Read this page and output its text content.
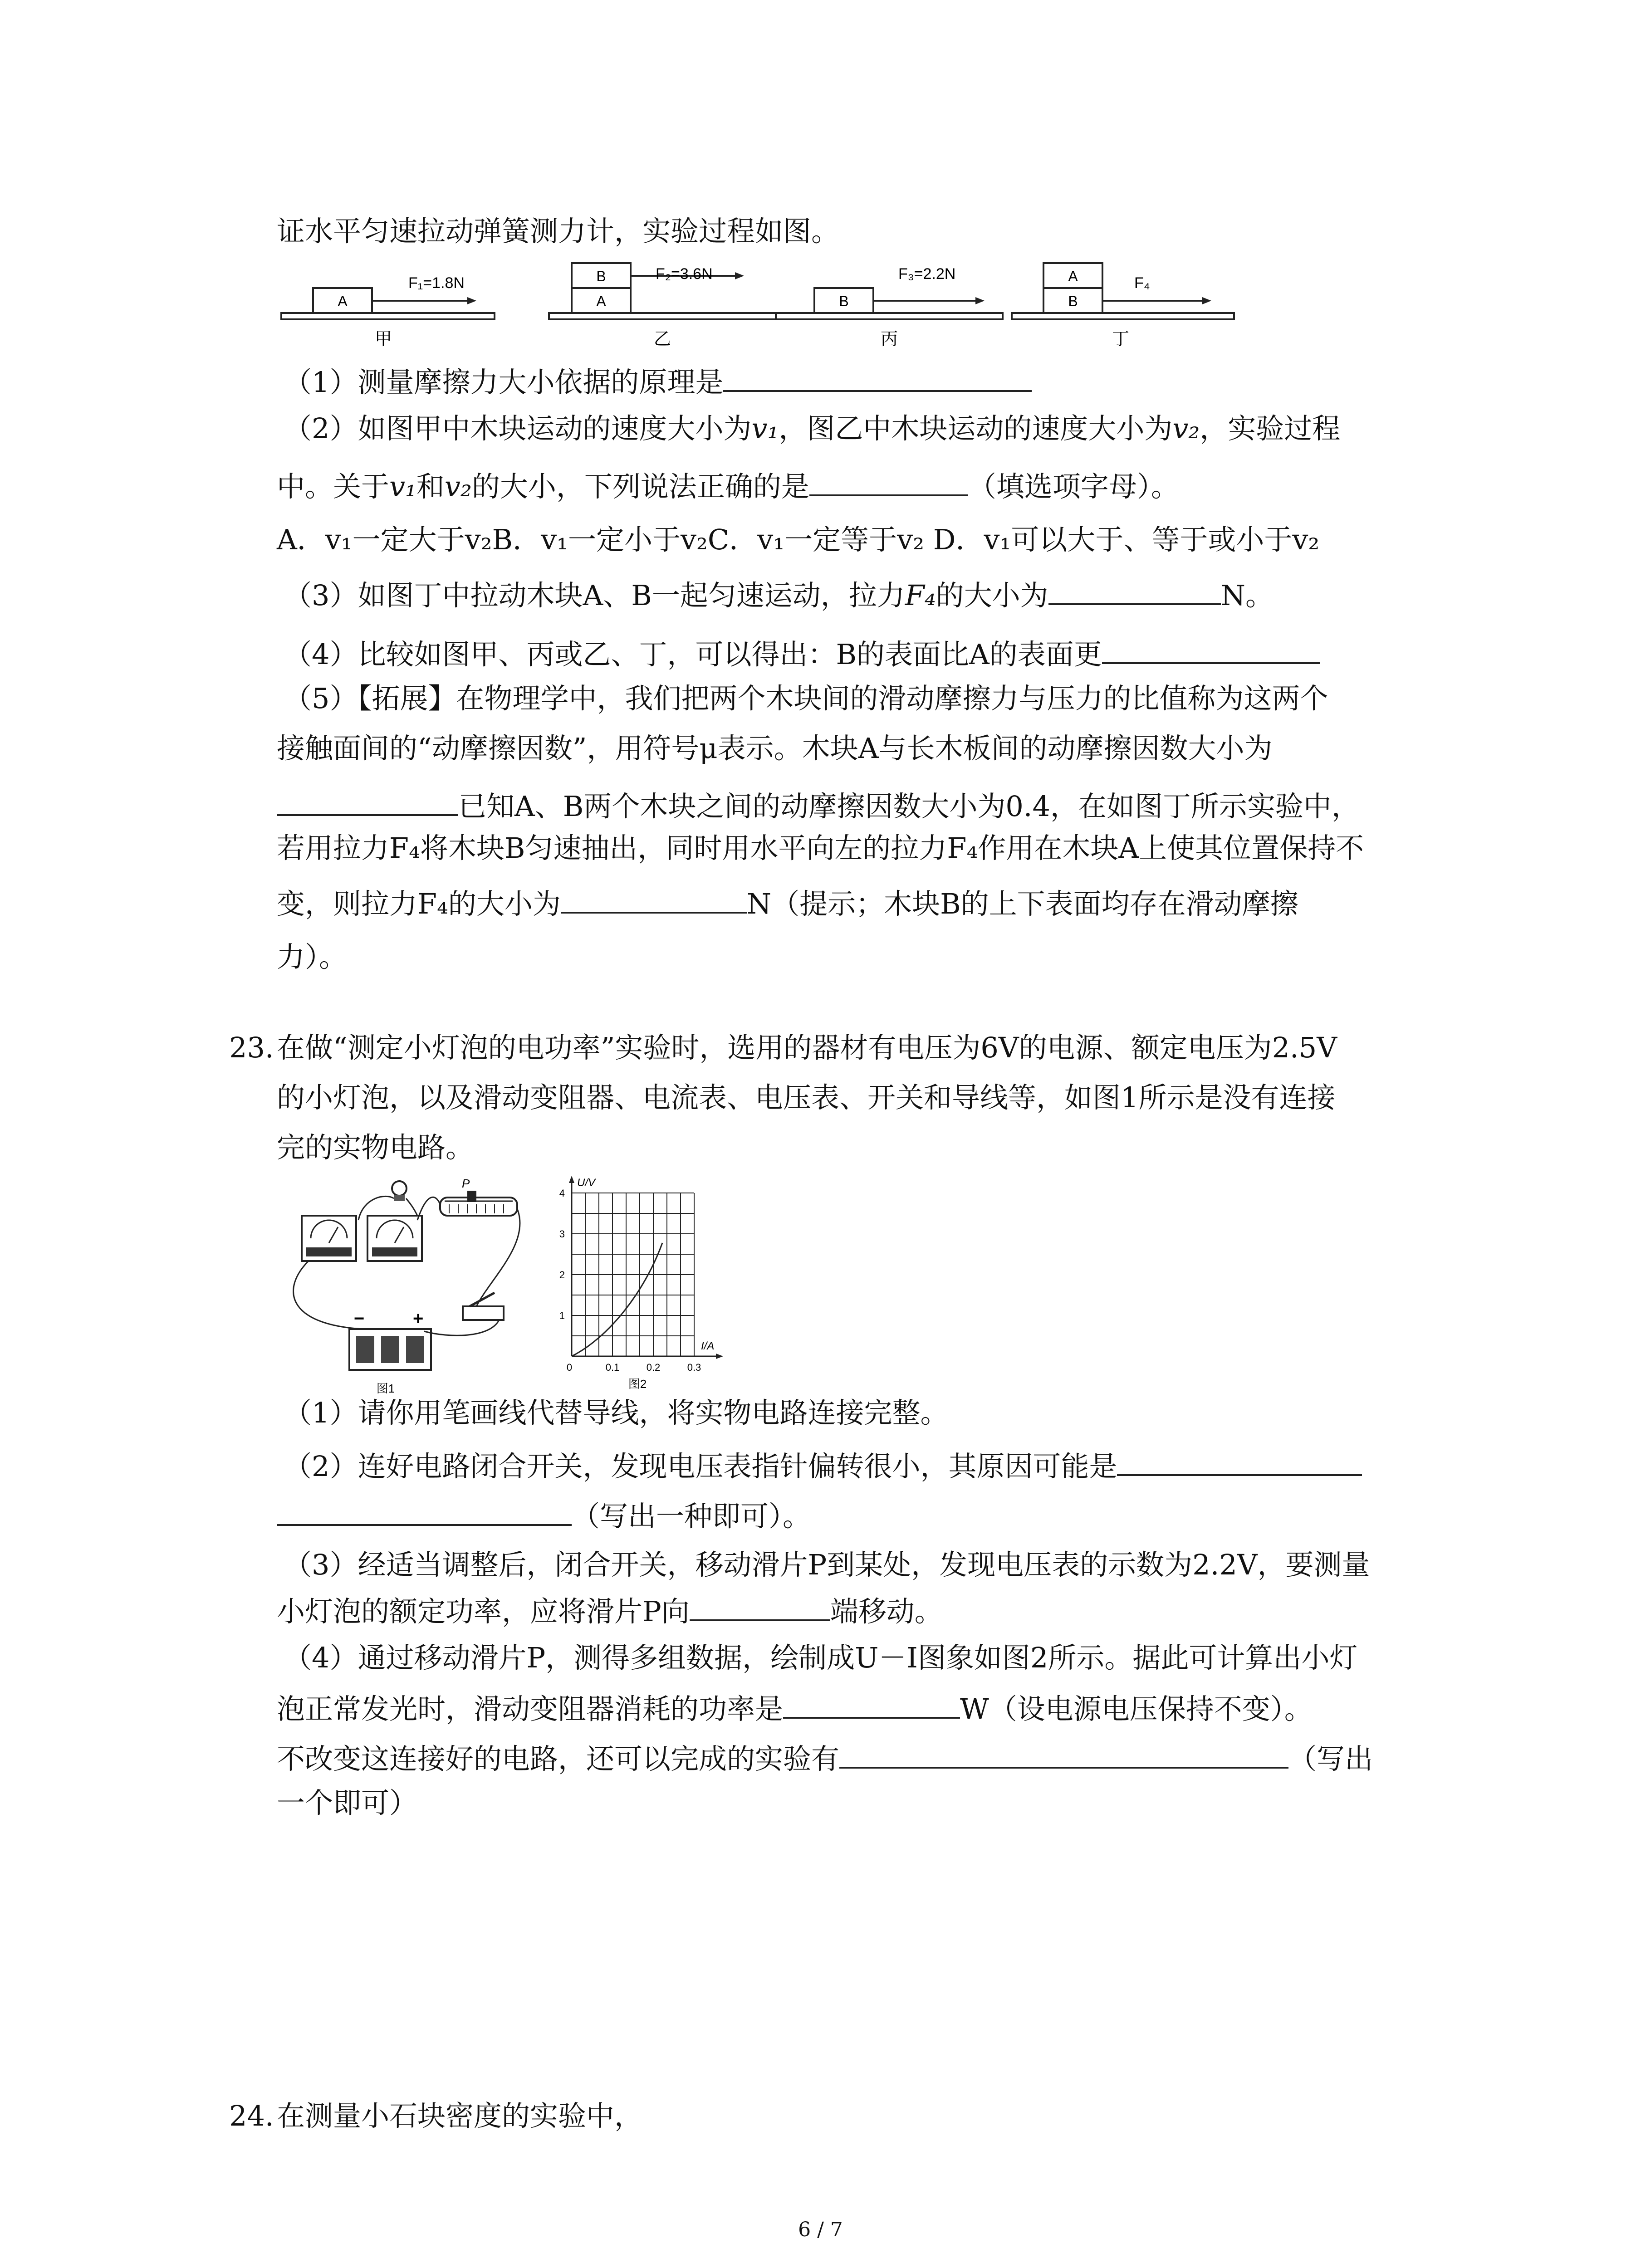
证水平匀速拉动弹簧测力计，实验过程如图。
A
F₁=1.8N
甲
B
A
F₂=3.6N
乙
B
F₃=2.2N
丙
A
B
F₄
丁
（1）测量摩擦力大小依据的原理是
（2）如图甲中木块运动的速度大小为v₁，图乙中木块运动的速度大小为v₂，实验过程
中。关于v₁和v₂的大小，下列说法正确的是	（填选项字母）。
A．v₁一定大于v₂B．v₁一定小于v₂C．v₁一定等于v₂ D．v₁可以大于、等于或小于v₂
（3）如图丁中拉动木块A、B一起匀速运动，拉力F₄的大小为	N。
（4）比较如图甲、丙或乙、丁，可以得出：B的表面比A的表面更
（5）【拓展】在物理学中，我们把两个木块间的滑动摩擦力与压力的比值称为这两个
接触面间的“动摩擦因数”，用符号μ表示。木块A与长木板间的动摩擦因数大小为
已知A、B两个木块之间的动摩擦因数大小为0.4，在如图丁所示实验中，
若用拉力F₄将木块B匀速抽出，同时用水平向左的拉力F₄作用在木块A上使其位置保持不
变，则拉力F₄的大小为	N（提示；木块B的上下表面均存在滑动摩擦
力）。
23. 在做“测定小灯泡的电功率”实验时，选用的器材有电压为6V的电源、额定电压为2.5V
的小灯泡，以及滑动变阻器、电流表、电压表、开关和导线等，如图1所示是没有连接
完的实物电路。
P
−	+
图1
U/V
I/A
1
2
3
4
0	0.1	0.2	0.3
图2
（1）请你用笔画线代替导线，将实物电路连接完整。
（2）连好电路闭合开关，发现电压表指针偏转很小，其原因可能是
（写出一种即可）。
（3）经适当调整后，闭合开关，移动滑片P到某处，发现电压表的示数为2.2V，要测量
小灯泡的额定功率，应将滑片P向	端移动。
（4）通过移动滑片P，测得多组数据，绘制成U－I图象如图2所示。据此可计算出小灯
泡正常发光时，滑动变阻器消耗的功率是	W（设电源电压保持不变）。
不改变这连接好的电路，还可以完成的实验有	（写出
一个即可）
24. 在测量小石块密度的实验中，
6 / 7
